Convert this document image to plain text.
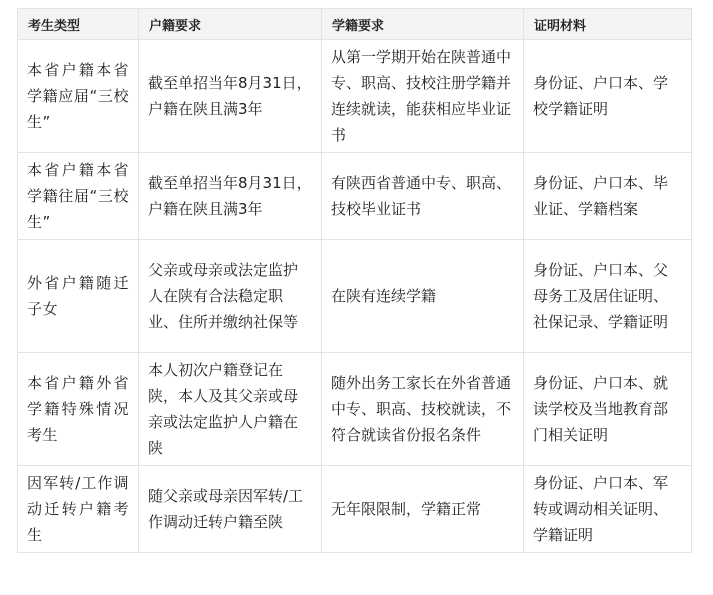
考生类型	户籍要求	学籍要求	证明材料
本省户籍本省学籍应届“三校生”	截至单招当年8月31日，户籍在陕且满3年	从第一学期开始在陕普通中专、职高、技校注册学籍并连续就读，能获相应毕业证书	身份证、户口本、学校学籍证明
本省户籍本省学籍往届“三校生”	截至单招当年8月31日，户籍在陕且满3年	有陕西省普通中专、职高、技校毕业证书	身份证、户口本、毕业证、学籍档案
外省户籍随迁子女	父亲或母亲或法定监护人在陕有合法稳定职业、住所并缴纳社保等	在陕有连续学籍	身份证、户口本、父母务工及居住证明、社保记录、学籍证明
本省户籍外省学籍特殊情况考生	本人初次户籍登记在陕，本人及其父亲或母亲或法定监护人户籍在陕	随外出务工家长在外省普通中专、职高、技校就读，不符合就读省份报名条件	身份证、户口本、就读学校及当地教育部门相关证明
因军转/工作调动迁转户籍考生	随父亲或母亲因军转/工作调动迁转户籍至陕	无年限限制，学籍正常	身份证、户口本、军转或调动相关证明、学籍证明
